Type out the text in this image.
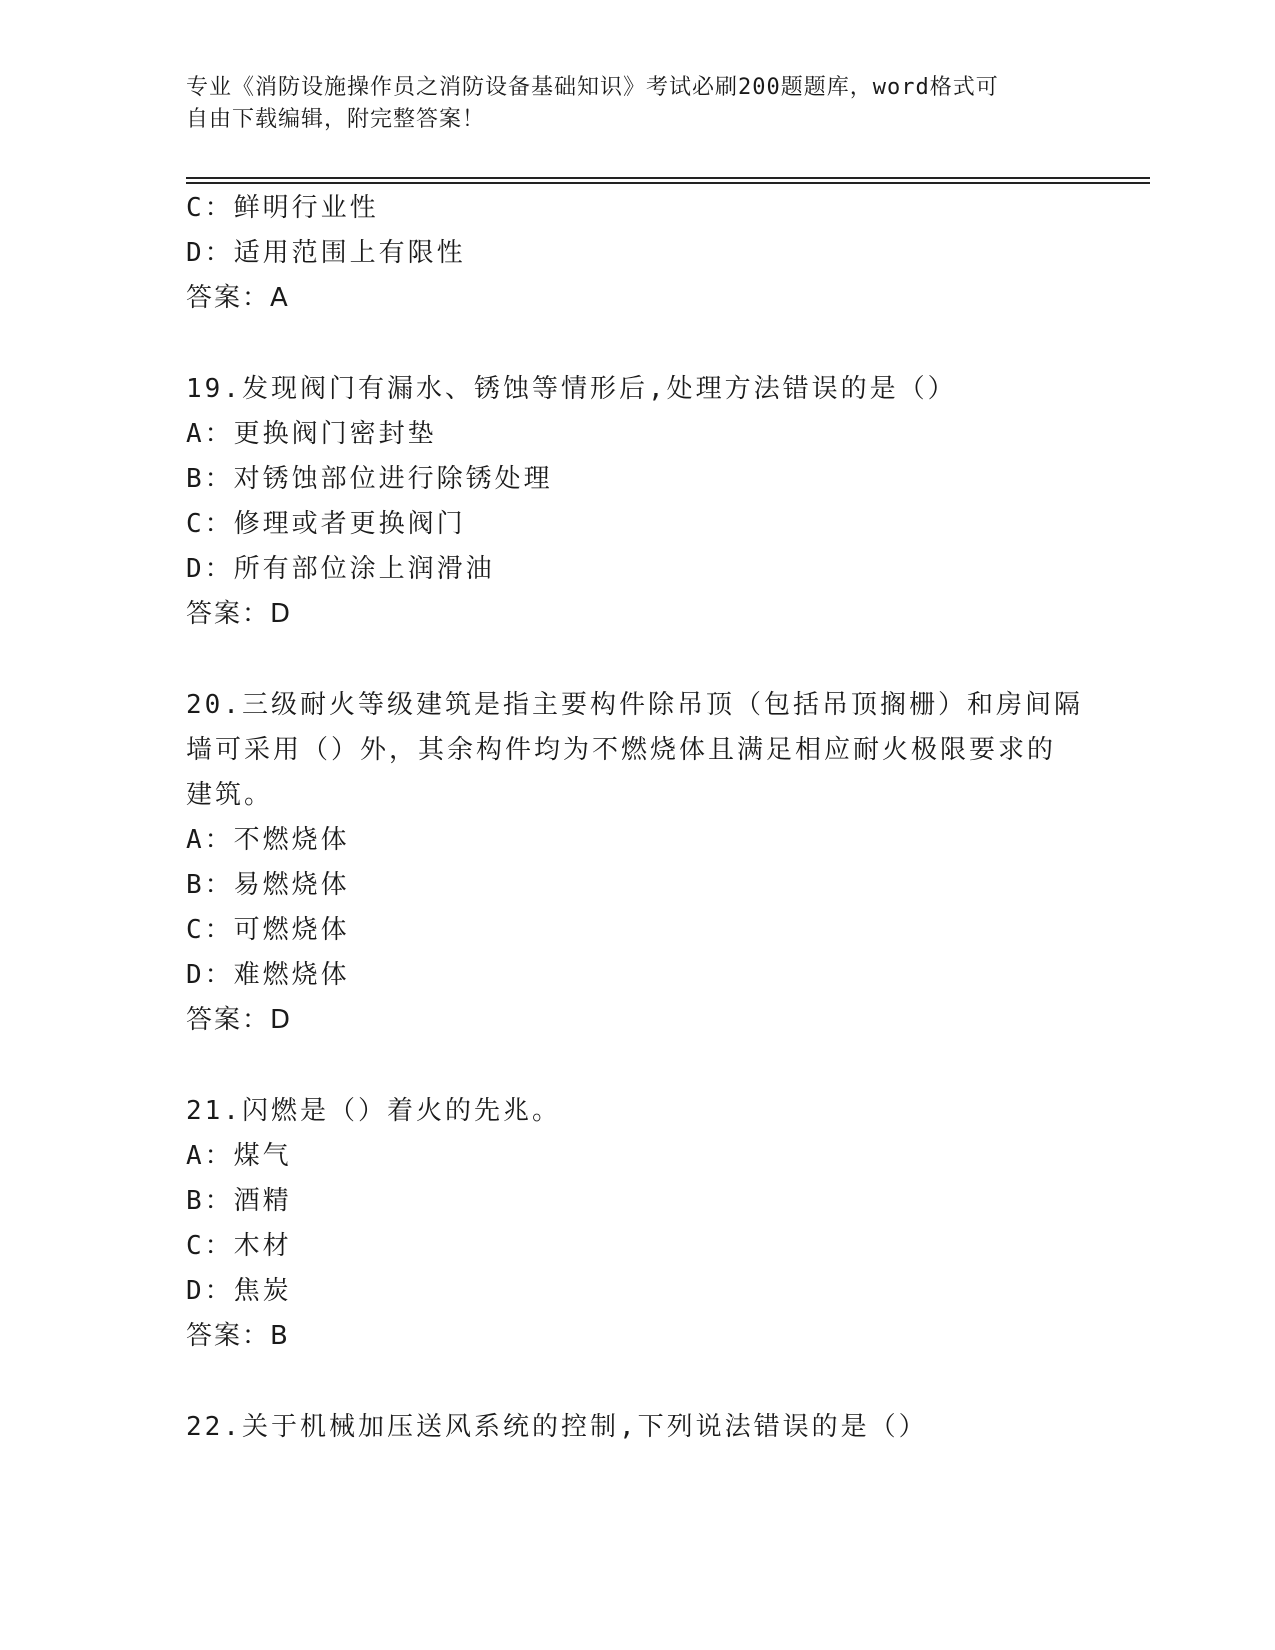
专业《消防设施操作员之消防设备基础知识》考试必刷200题题库，word格式可
自由下载编辑，附完整答案！
C：鲜明行业性
D：适用范围上有限性
答案：A
19.发现阀门有漏水、锈蚀等情形后,处理方法错误的是（）
A：更换阀门密封垫
B：对锈蚀部位进行除锈处理
C：修理或者更换阀门
D：所有部位涂上润滑油
答案：D
20.三级耐火等级建筑是指主要构件除吊顶（包括吊顶搁栅）和房间隔
墙可采用（）外，其余构件均为不燃烧体且满足相应耐火极限要求的
建筑。
A：不燃烧体
B：易燃烧体
C：可燃烧体
D：难燃烧体
答案：D
21.闪燃是（）着火的先兆。
A：煤气
B：酒精
C：木材
D：焦炭
答案：B
22.关于机械加压送风系统的控制,下列说法错误的是（）
